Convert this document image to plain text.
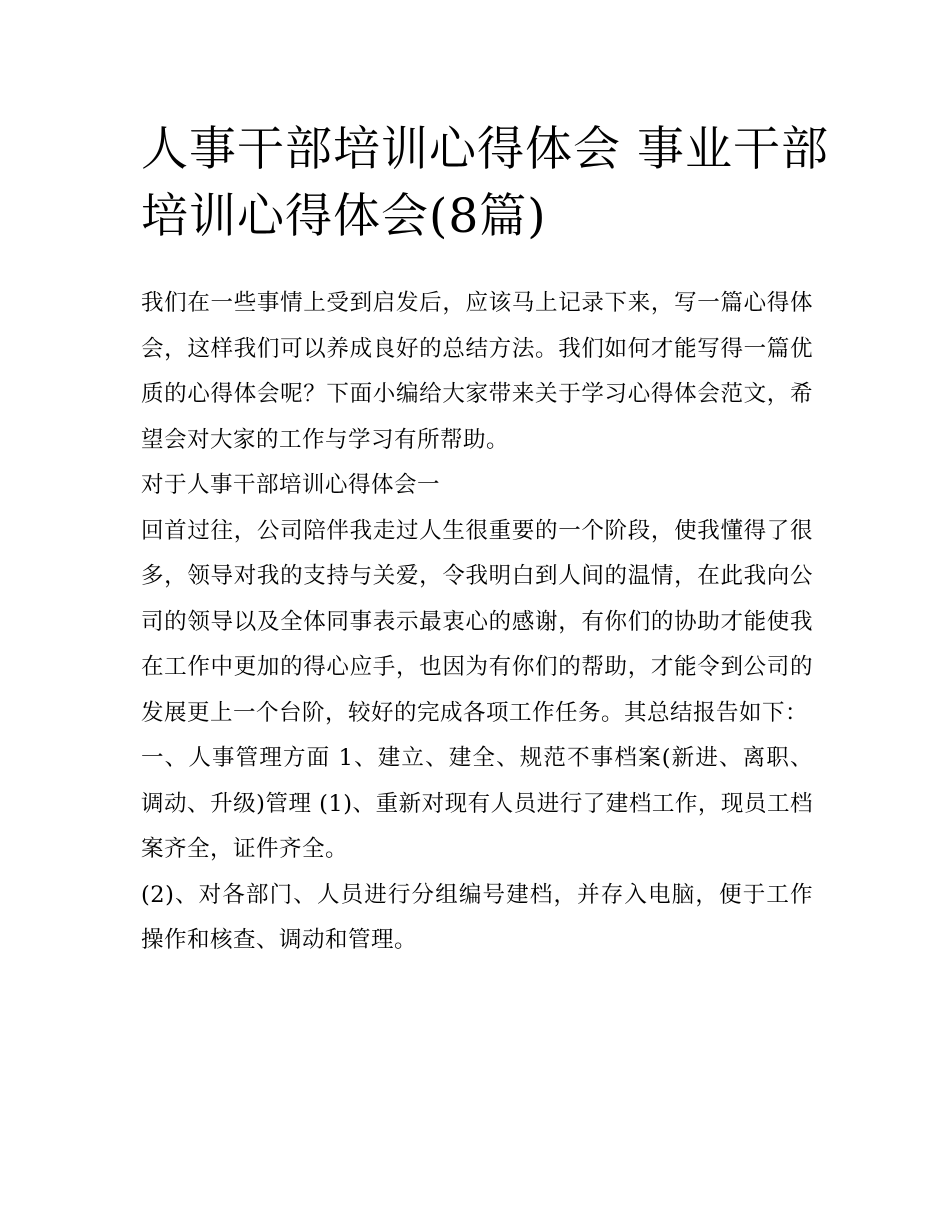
人事干部培训心得体会 事业干部培训心得体会(8篇)

我们在一些事情上受到启发后，应该马上记录下来，写一篇心得体会，这样我们可以养成良好的总结方法。我们如何才能写得一篇优质的心得体会呢？下面小编给大家带来关于学习心得体会范文，希望会对大家的工作与学习有所帮助。

对于人事干部培训心得体会一

回首过往，公司陪伴我走过人生很重要的一个阶段，使我懂得了很多，领导对我的支持与关爱，令我明白到人间的温情，在此我向公司的领导以及全体同事表示最衷心的感谢，有你们的协助才能使我在工作中更加的得心应手，也因为有你们的帮助，才能令到公司的发展更上一个台阶，较好的完成各项工作任务。其总结报告如下：

一、人事管理方面 1、建立、建全、规范不事档案(新进、离职、调动、升级)管理 (1)、重新对现有人员进行了建档工作，现员工档案齐全，证件齐全。

(2)、对各部门、人员进行分组编号建档，并存入电脑，便于工作操作和核查、调动和管理。
